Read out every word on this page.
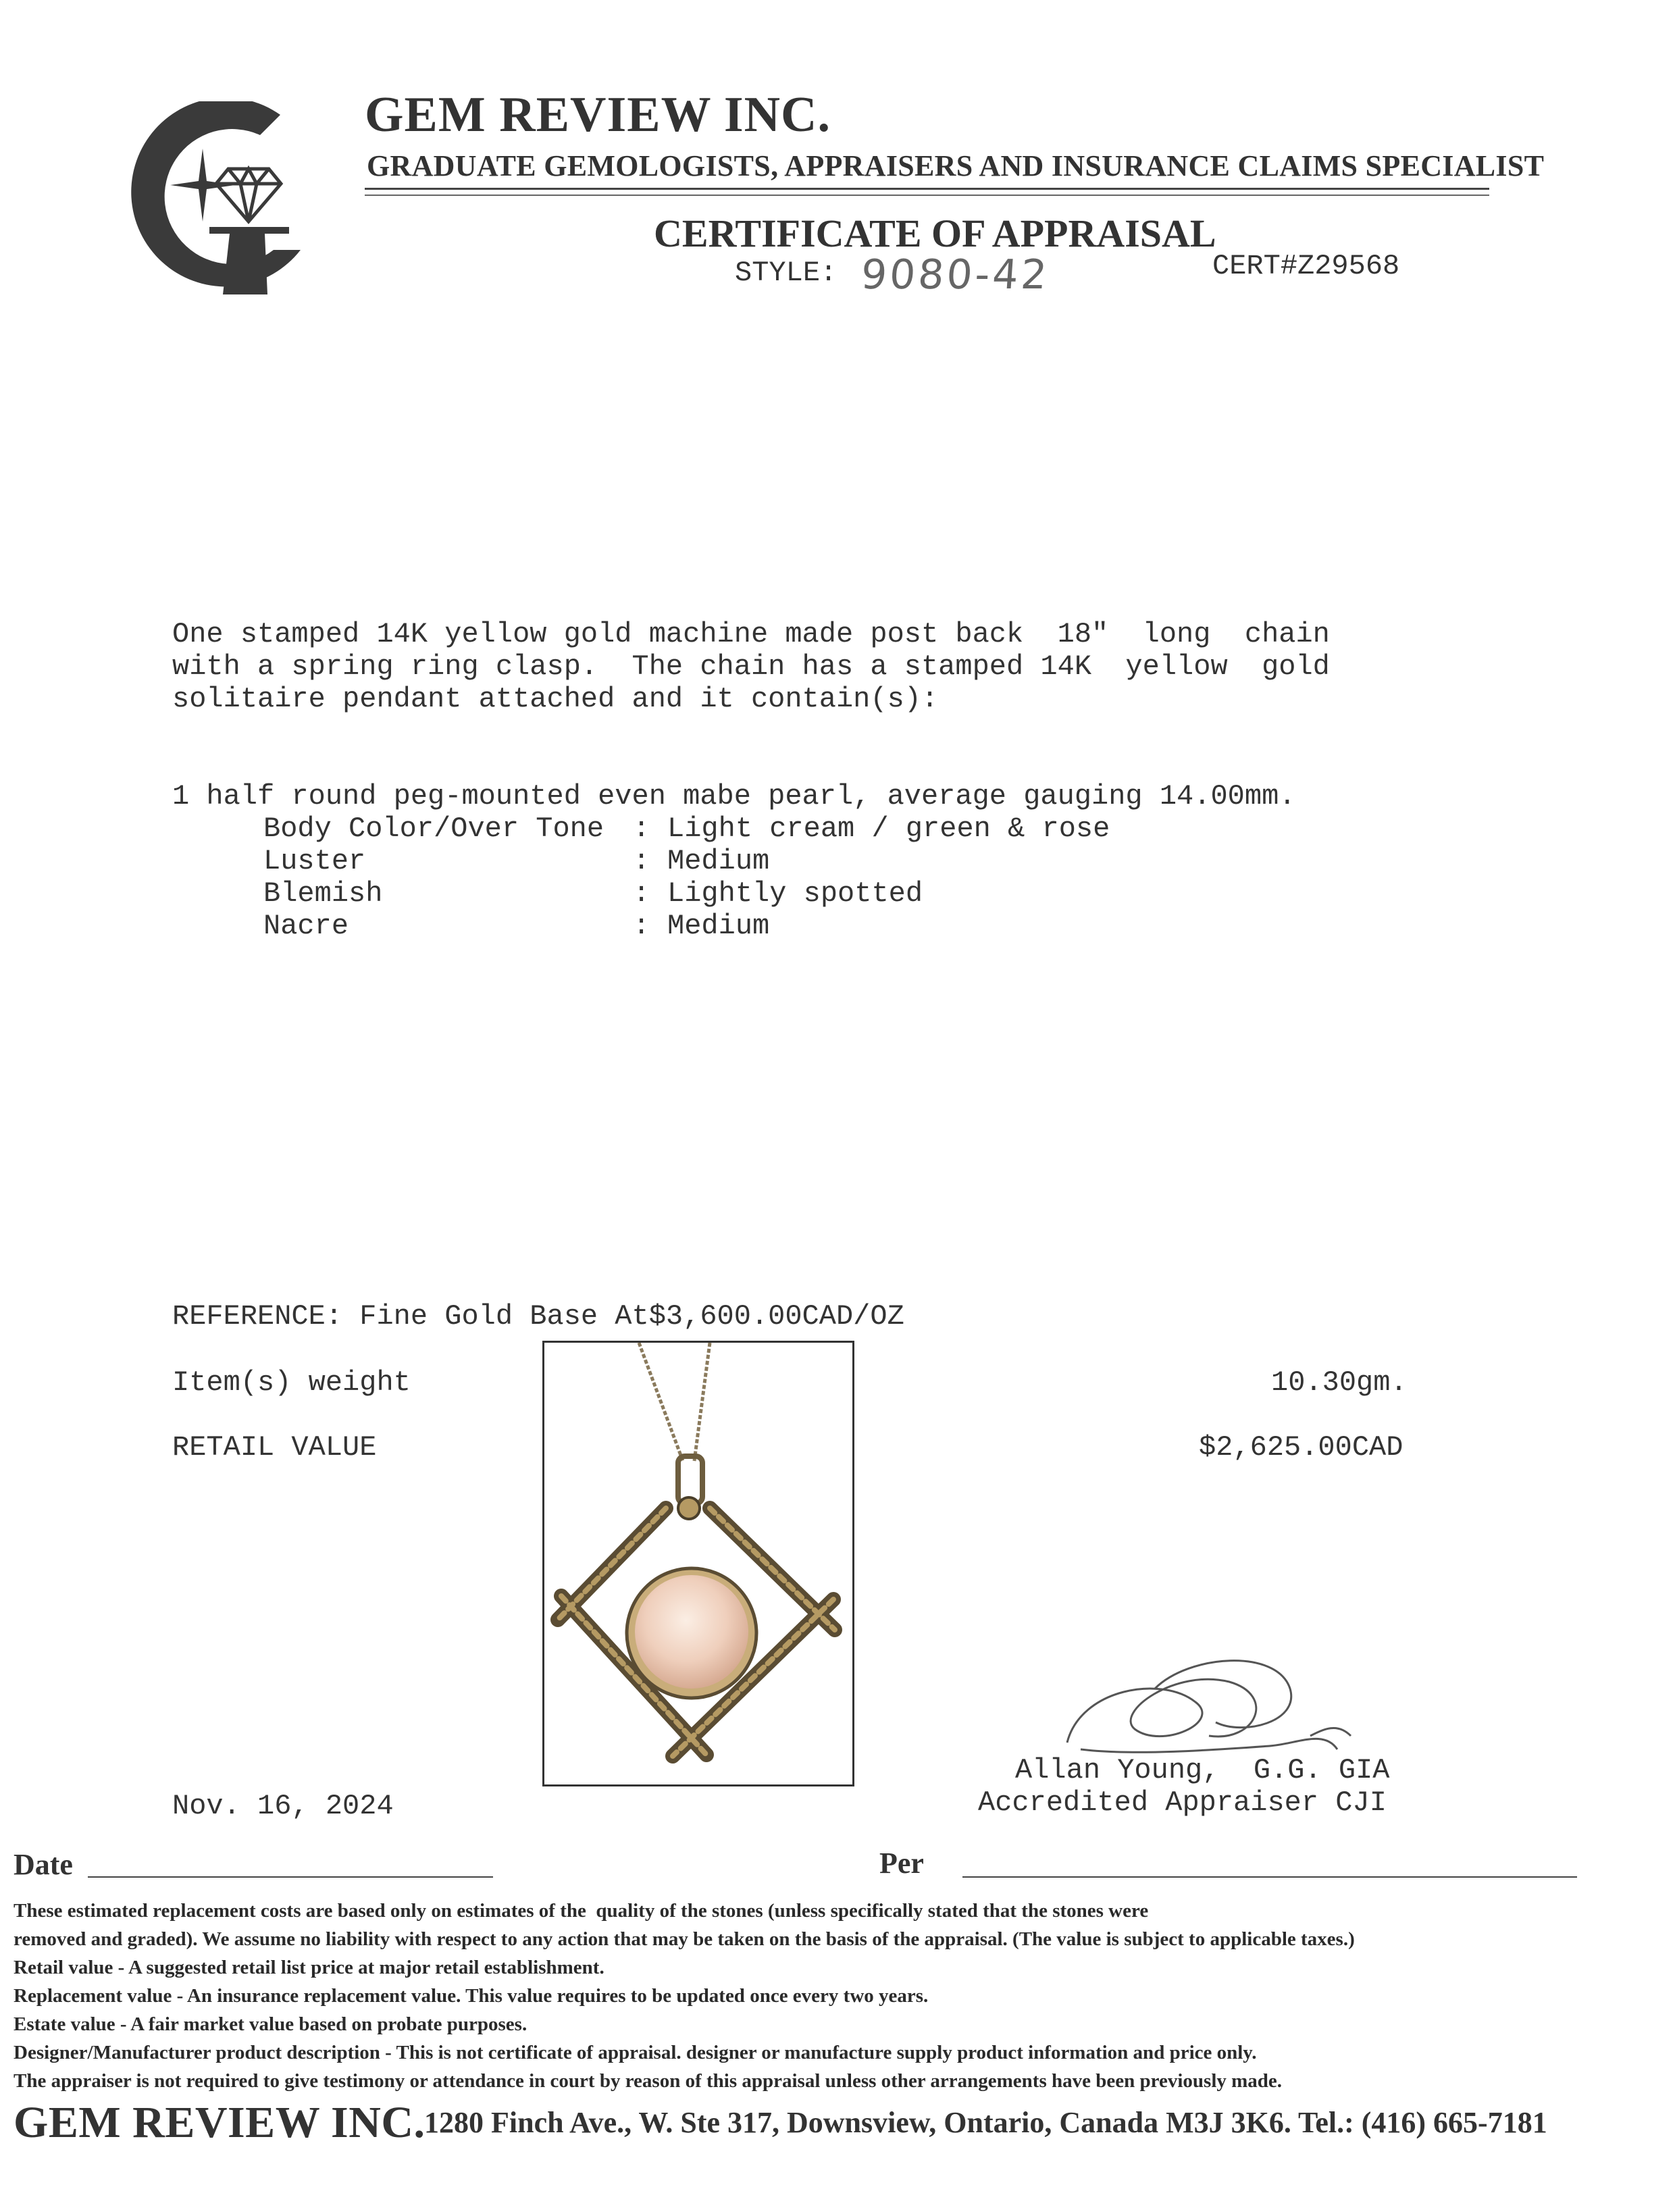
GEM REVIEW INC.
GRADUATE GEMOLOGISTS, APPRAISERS AND INSURANCE CLAIMS SPECIALIST
CERTIFICATE OF APPRAISAL
STYLE: 9080-42	CERT#Z29568
One stamped 14K yellow gold machine made post back  18"  long  chain
with a spring ring clasp.  The chain has a stamped 14K  yellow  gold
solitaire pendant attached and it contain(s):
1 half round peg-mounted even mabe pearl, average gauging 14.00mm.
Body Color/Over Tone : Light cream / green & rose
Luster	: Medium
Blemish	: Lightly spotted
Nacre	: Medium
REFERENCE: Fine Gold Base At$3,600.00CAD/OZ
Item(s) weight	10.30gm.
RETAIL VALUE	$2,625.00CAD
Allan Young,  G.G. GIA
Accredited Appraiser CJI
Nov. 16, 2024
Date	Per
These estimated replacement costs are based only on estimates of the  quality of the stones (unless specifically stated that the stones were
removed and graded). We assume no liability with respect to any action that may be taken on the basis of the appraisal. (The value is subject to applicable taxes.)
Retail value - A suggested retail list price at major retail establishment.
Replacement value - An insurance replacement value. This value requires to be updated once every two years.
Estate value - A fair market value based on probate purposes.
Designer/Manufacturer product description - This is not certificate of appraisal. designer or manufacture supply product information and price only.
The appraiser is not required to give testimony or attendance in court by reason of this appraisal unless other arrangements have been previously made.
GEM REVIEW INC.
1280 Finch Ave., W. Ste 317, Downsview, Ontario, Canada M3J 3K6. Tel.: (416) 665-7181
